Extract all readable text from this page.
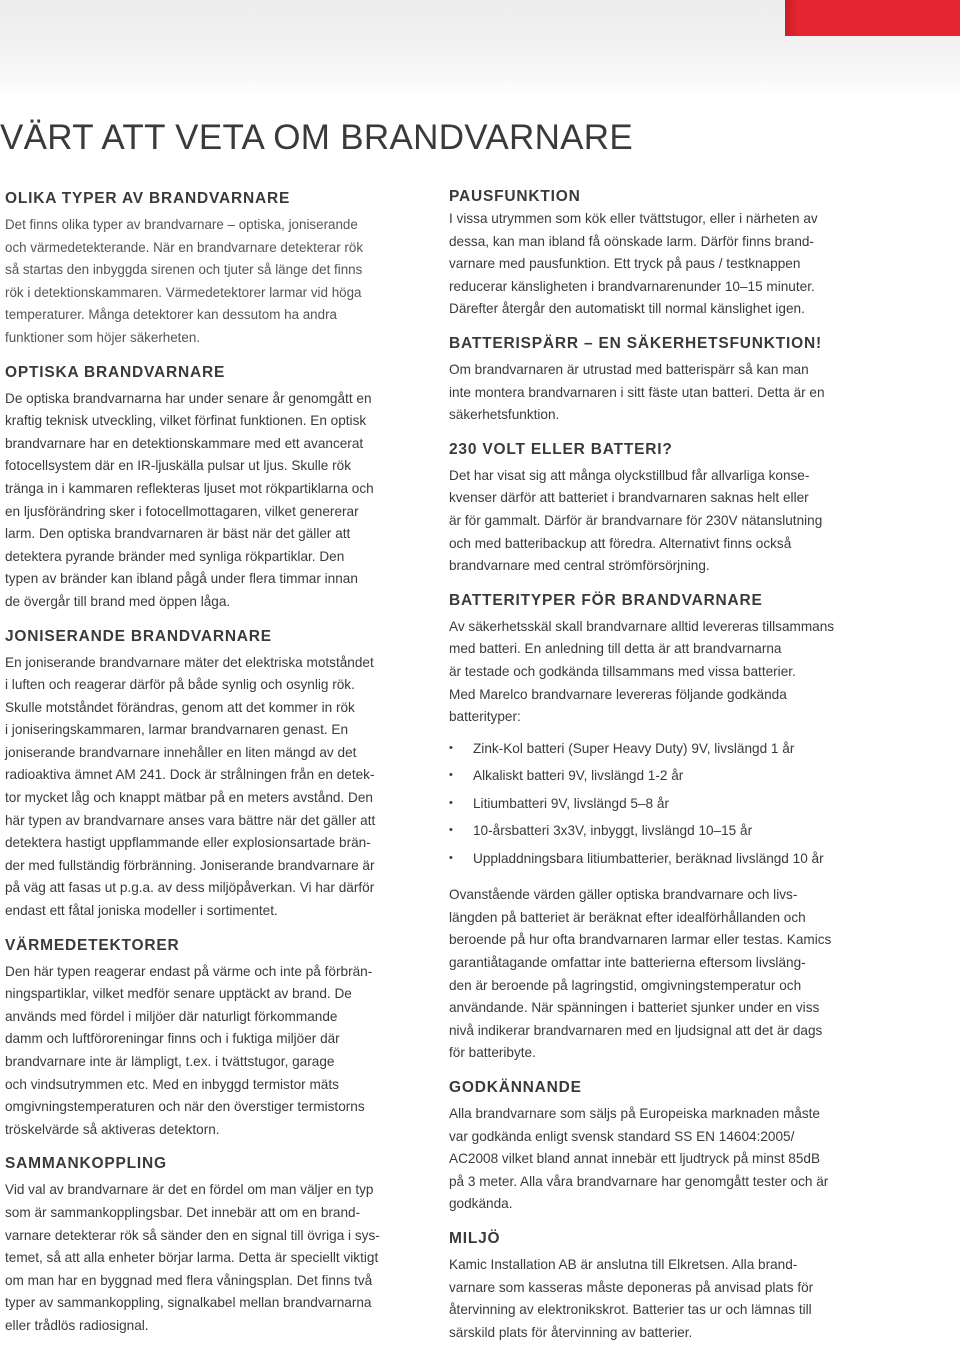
VÄRT ATT VETA OM BRANDVARNARE
OLIKA TYPER AV BRANDVARNARE

Det finns olika typer av brandvarnare – optiska, joniserande
och värmedetekterande. När en brandvarnare detekterar rök
så startas den inbyggda sirenen och tjuter så länge det finns
rök i detektionskammaren. Värmedetektorer larmar vid höga
temperaturer. Många detektorer kan dessutom ha andra
funktioner som höjer säkerheten.

OPTISKA BRANDVARNARE

De optiska brandvarnarna har under senare år genomgått en
kraftig teknisk utveckling, vilket förfinat funktionen. En optisk
brandvarnare har en detektionskammare med ett avancerat
fotocellsystem där en IR-ljuskälla pulsar ut ljus. Skulle rök
tränga in i kammaren reflekteras ljuset mot rökpartiklarna och
en ljusförändring sker i fotocellmottagaren, vilket genererar
larm. Den optiska brandvarnaren är bäst när det gäller att
detektera pyrande bränder med synliga rökpartiklar. Den
typen av bränder kan ibland pågå under flera timmar innan
de övergår till brand med öppen låga.

JONISERANDE BRANDVARNARE

En joniserande brandvarnare mäter det elektriska motståndet
i luften och reagerar därför på både synlig och osynlig rök.
Skulle motståndet förändras, genom att det kommer in rök
i joniseringskammaren, larmar brandvarnaren genast. En
joniserande brandvarnare innehåller en liten mängd av det
radioaktiva ämnet AM 241. Dock är strålningen från en detek-
tor mycket låg och knappt mätbar på en meters avstånd. Den
här typen av brandvarnare anses vara bättre när det gäller att
detektera hastigt uppflammande eller explosionsartade brän-
der med fullständig förbränning. Joniserande brandvarnare är
på väg att fasas ut p.g.a. av dess miljöpåverkan. Vi har därför
endast ett fåtal joniska modeller i sortimentet.

VÄRMEDETEKTORER

Den här typen reagerar endast på värme och inte på förbrän-
ningspartiklar, vilket medför senare upptäckt av brand. De
används med fördel i miljöer där naturligt förkommande
damm och luftföroreningar finns och i fuktiga miljöer där
brandvarnare inte är lämpligt, t.ex. i tvättstugor, garage
och vindsutrymmen etc. Med en inbyggd termistor mäts
omgivningstemperaturen och när den överstiger termistorns
tröskelvärde så aktiveras detektorn.

SAMMANKOPPLING

Vid val av brandvarnare är det en fördel om man väljer en typ
som är sammankopplingsbar. Det innebär att om en brand-
varnare detekterar rök så sänder den en signal till övriga i sys-
temet, så att alla enheter börjar larma. Detta är speciellt viktigt
om man har en byggnad med flera våningsplan. Det finns två
typer av sammankoppling, signalkabel mellan brandvarnarna
eller trådlös radiosignal.

PAUSFUNKTION

I vissa utrymmen som kök eller tvättstugor, eller i närheten av
dessa, kan man ibland få oönskade larm. Därför finns brand-
varnare med pausfunktion. Ett tryck på paus / testknappen
reducerar känsligheten i brandvarnarenunder 10–15 minuter.
Därefter återgår den automatiskt till normal känslighet igen.

BATTERISPÄRR – EN SÄKERHETSFUNKTION!

Om brandvarnaren är utrustad med batterispärr så kan man
inte montera brandvarnaren i sitt fäste utan batteri. Detta är en
säkerhetsfunktion.

230 VOLT ELLER BATTERI?

Det har visat sig att många olyckstillbud får allvarliga konse-
kvenser därför att batteriet i brandvarnaren saknas helt eller
är för gammalt. Därför är brandvarnare för 230V nätanslutning
och med batteribackup att föredra. Alternativt finns också
brandvarnare med central strömförsörjning.

BATTERITYPER FÖR BRANDVARNARE

Av säkerhetsskäl skall brandvarnare alltid levereras tillsammans
med batteri. En anledning till detta är att brandvarnarna
är testade och godkända tillsammans med vissa batterier.
Med Marelco brandvarnare levereras följande godkända
batterityper:

• Zink-Kol batteri (Super Heavy Duty) 9V, livslängd 1 år
• Alkaliskt batteri 9V, livslängd 1-2 år
• Litiumbatteri 9V, livslängd 5–8 år
• 10-årsbatteri 3x3V, inbyggt, livslängd 10–15 år
• Uppladdningsbara litiumbatterier, beräknad livslängd 10 år

Ovanstående värden gäller optiska brandvarnare och livs-
längden på batteriet är beräknat efter idealförhållanden och
beroende på hur ofta brandvarnaren larmar eller testas. Kamics
garantiåtagande omfattar inte batterierna eftersom livsläng-
den är beroende på lagringstid, omgivningstemperatur och
användande. När spänningen i batteriet sjunker under en viss
nivå indikerar brandvarnaren med en ljudsignal att det är dags
för batteribyte.

GODKÄNNANDE

Alla brandvarnare som säljs på Europeiska marknaden måste
var godkända enligt svensk standard SS EN 14604:2005/
AC2008 vilket bland annat innebär ett ljudtryck på minst 85dB
på 3 meter. Alla våra brandvarnare har genomgått tester och är
godkända.

MILJÖ

Kamic Installation AB är anslutna till Elkretsen. Alla brand-
varnare som kasseras måste deponeras på anvisad plats för
återvinning av elektronikskrot. Batterier tas ur och lämnas till
särskild plats för återvinning av batterier.
